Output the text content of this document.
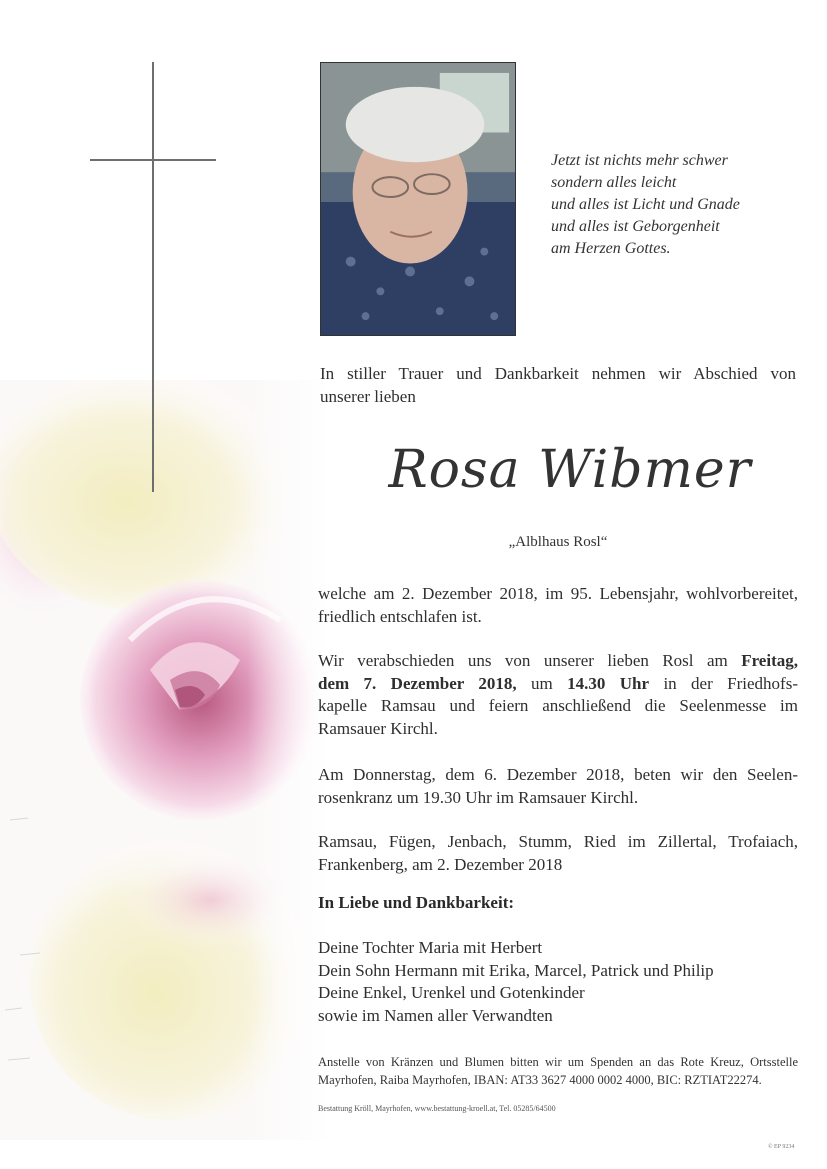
Jetzt ist nichts mehr schwer
sondern alles leicht
und alles ist Licht und Gnade
und alles ist Geborgenheit
am Herzen Gottes.
In stiller Trauer und Dankbarkeit nehmen wir Abschied von
unserer lieben
Rosa Wibmer
„Alblhaus Rosl“
welche am 2. Dezember 2018, im 95. Lebensjahr, wohlvorbereitet,
friedlich entschlafen ist.
Wir verabschieden uns von unserer lieben Rosl am Freitag,
dem 7. Dezember 2018, um 14.30 Uhr in der Friedhofs-
kapelle Ramsau und feiern anschließend die Seelenmesse im
Ramsauer Kirchl.
Am Donnerstag, dem 6. Dezember 2018, beten wir den Seelen-
rosenkranz um 19.30 Uhr im Ramsauer Kirchl.
Ramsau, Fügen, Jenbach, Stumm, Ried im Zillertal, Trofaiach,
Frankenberg, am 2. Dezember 2018
In Liebe und Dankbarkeit:
Deine Tochter Maria mit Herbert
Dein Sohn Hermann mit Erika, Marcel, Patrick und Philip
Deine Enkel, Urenkel und Gotenkinder
sowie im Namen aller Verwandten
Anstelle von Kränzen und Blumen bitten wir um Spenden an das Rote Kreuz, Ortsstelle
Mayrhofen, Raiba Mayrhofen, IBAN: AT33 3627 4000 0002 4000, BIC: RZTIAT22274.
Bestattung Kröll, Mayrhofen, www.bestattung-kroell.at, Tel. 05285/64500
© EP 9234
